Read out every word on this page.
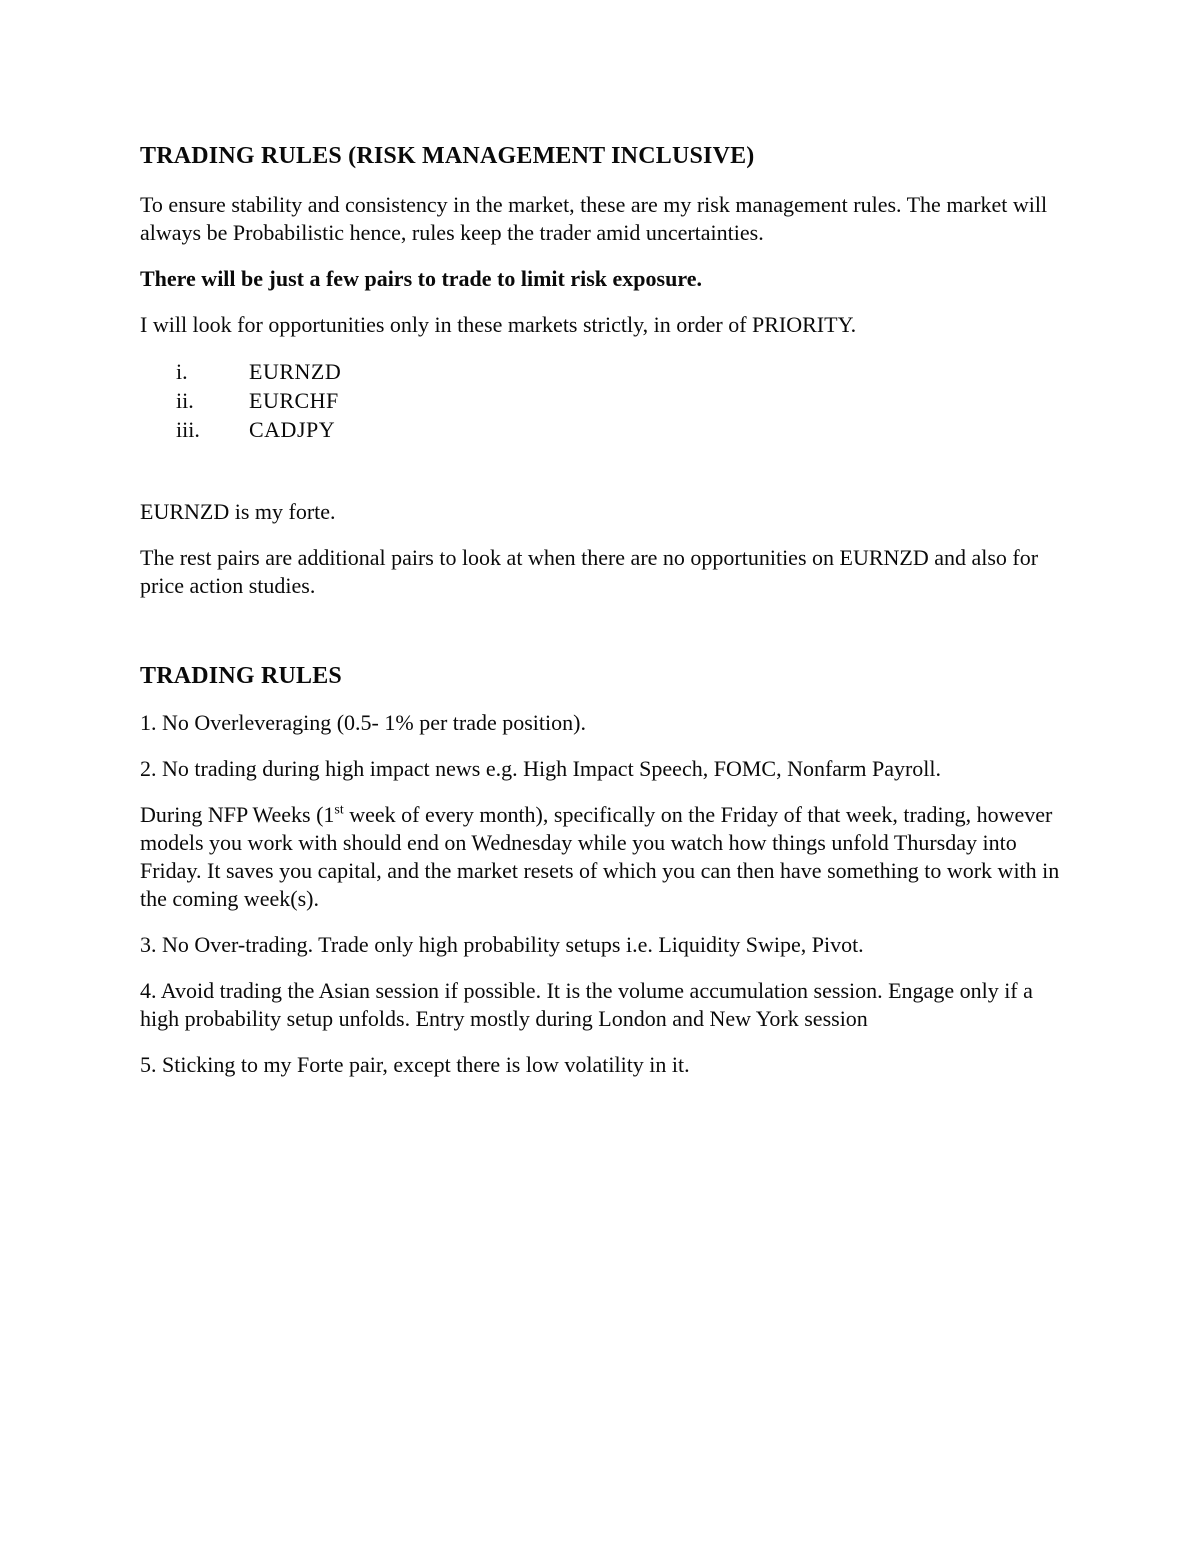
TRADING RULES (RISK MANAGEMENT INCLUSIVE)

To ensure stability and consistency in the market, these are my risk management rules. The market will always be Probabilistic hence, rules keep the trader amid uncertainties.

There will be just a few pairs to trade to limit risk exposure.

I will look for opportunities only in these markets strictly, in order of PRIORITY.

i.	EURNZD
ii.	EURCHF
iii.	CADJPY

EURNZD is my forte.

The rest pairs are additional pairs to look at when there are no opportunities on EURNZD and also for price action studies.

TRADING RULES

1. No Overleveraging (0.5- 1% per trade position).

2. No trading during high impact news e.g. High Impact Speech, FOMC, Nonfarm Payroll.

During NFP Weeks (1st week of every month), specifically on the Friday of that week, trading, however models you work with should end on Wednesday while you watch how things unfold Thursday into Friday. It saves you capital, and the market resets of which you can then have something to work with in the coming week(s).

3. No Over-trading. Trade only high probability setups i.e. Liquidity Swipe, Pivot.

4. Avoid trading the Asian session if possible. It is the volume accumulation session. Engage only if a high probability setup unfolds. Entry mostly during London and New York session

5. Sticking to my Forte pair, except there is low volatility in it.
